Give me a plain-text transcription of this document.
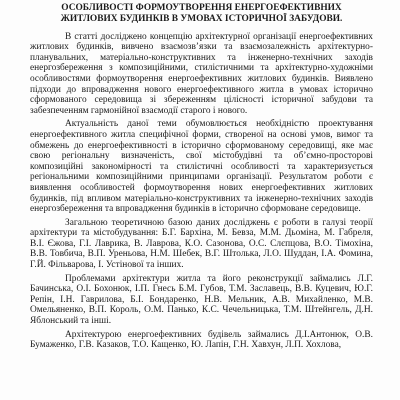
ОСОБЛИВОСТІ ФОРМОУТВОРЕННЯ ЕНЕРГОЕФЕКТИВНИХ
ЖИТЛОВИХ БУДИНКІВ В УМОВАХ ІСТОРИЧНОЇ ЗАБУДОВИ.

В статті досліджено концепцію архітектурної організації енергоефективних житлових будинків, вивчено взаємозв’язки та взаємозалежність архітектурно-планувальних, матеріально-конструктивних та інженерно-технічних заходів енергозбереження з композиційними, стилістичними та архітектурно-художніми особливостями формоутворення енергоефективних житлових будинків. Виявлено підходи до впровадження нового енергоефективного житла в умовах історично сформованого середовища зі збереженням цілісності історичної забудови та забезпеченням гармонійної взаємодії старого і нового.

Актуальність даної теми обумовлюється необхідністю проектування енергоефективного житла специфічної форми, створеної на основі умов, вимог та обмежень до енергоефективності в історично сформованому середовищі, яке має свою регіональну визначеність, свої містобудівні та об’ємно-просторові композиційні закономірності та стилістичні особливості та характеризується регіональними композиційними принципами організації. Результатом роботи є виявлення особливостей формоутворення нових енергоефективних житлових будинків, під впливом матеріально-конструктивних та інженерно-технічних заходів енергозбереження та впровадження будинків в історично сформоване середовище.

Загальною теоретичною базою даних досліджень є роботи в галузі теорії архітектури та містобудування: Б.Г. Бархіна, М. Бевза, М.М. Дьоміна, М. Габреля, В.І. Єжова, Г.І. Лаврика, В. Лаврова, К.О. Сазонова, О.С. Слєпцова, В.О. Тімохіна, В.В. Товбича, В.П. Уреньова, Н.М. Шебек, В.Г. Штолька, Л.О. Шуддан, І.А. Фомина, Г.Й. Фільварова, І. Устінової та інших.

Проблемами архітектури житла та його реконструкції займались Л.Г. Бачинська, О.І. Бохонюк, І.П. Гнесь Б.М. Губов, Т.М. Заславець, В.В. Куцевич, Ю.Г. Репін, І.Н. Гаврилова, Б.І. Бондаренко, Н.В. Мельник, А.В. Михайленко, М.В. Омельяненко, В.П. Король, О.М. Панько, К.С. Чечельницька, Т.М. Штейнгель, Д.Н. Яблонський та інші.

Архітектурою енергоефективних будівель займались Д.І.Антонюк, О.В. Бумаженко, Г.В. Казаков, Т.О. Кащенко, Ю. Лапін, Г.Н. Хавхун, Л.П. Хохлова,
